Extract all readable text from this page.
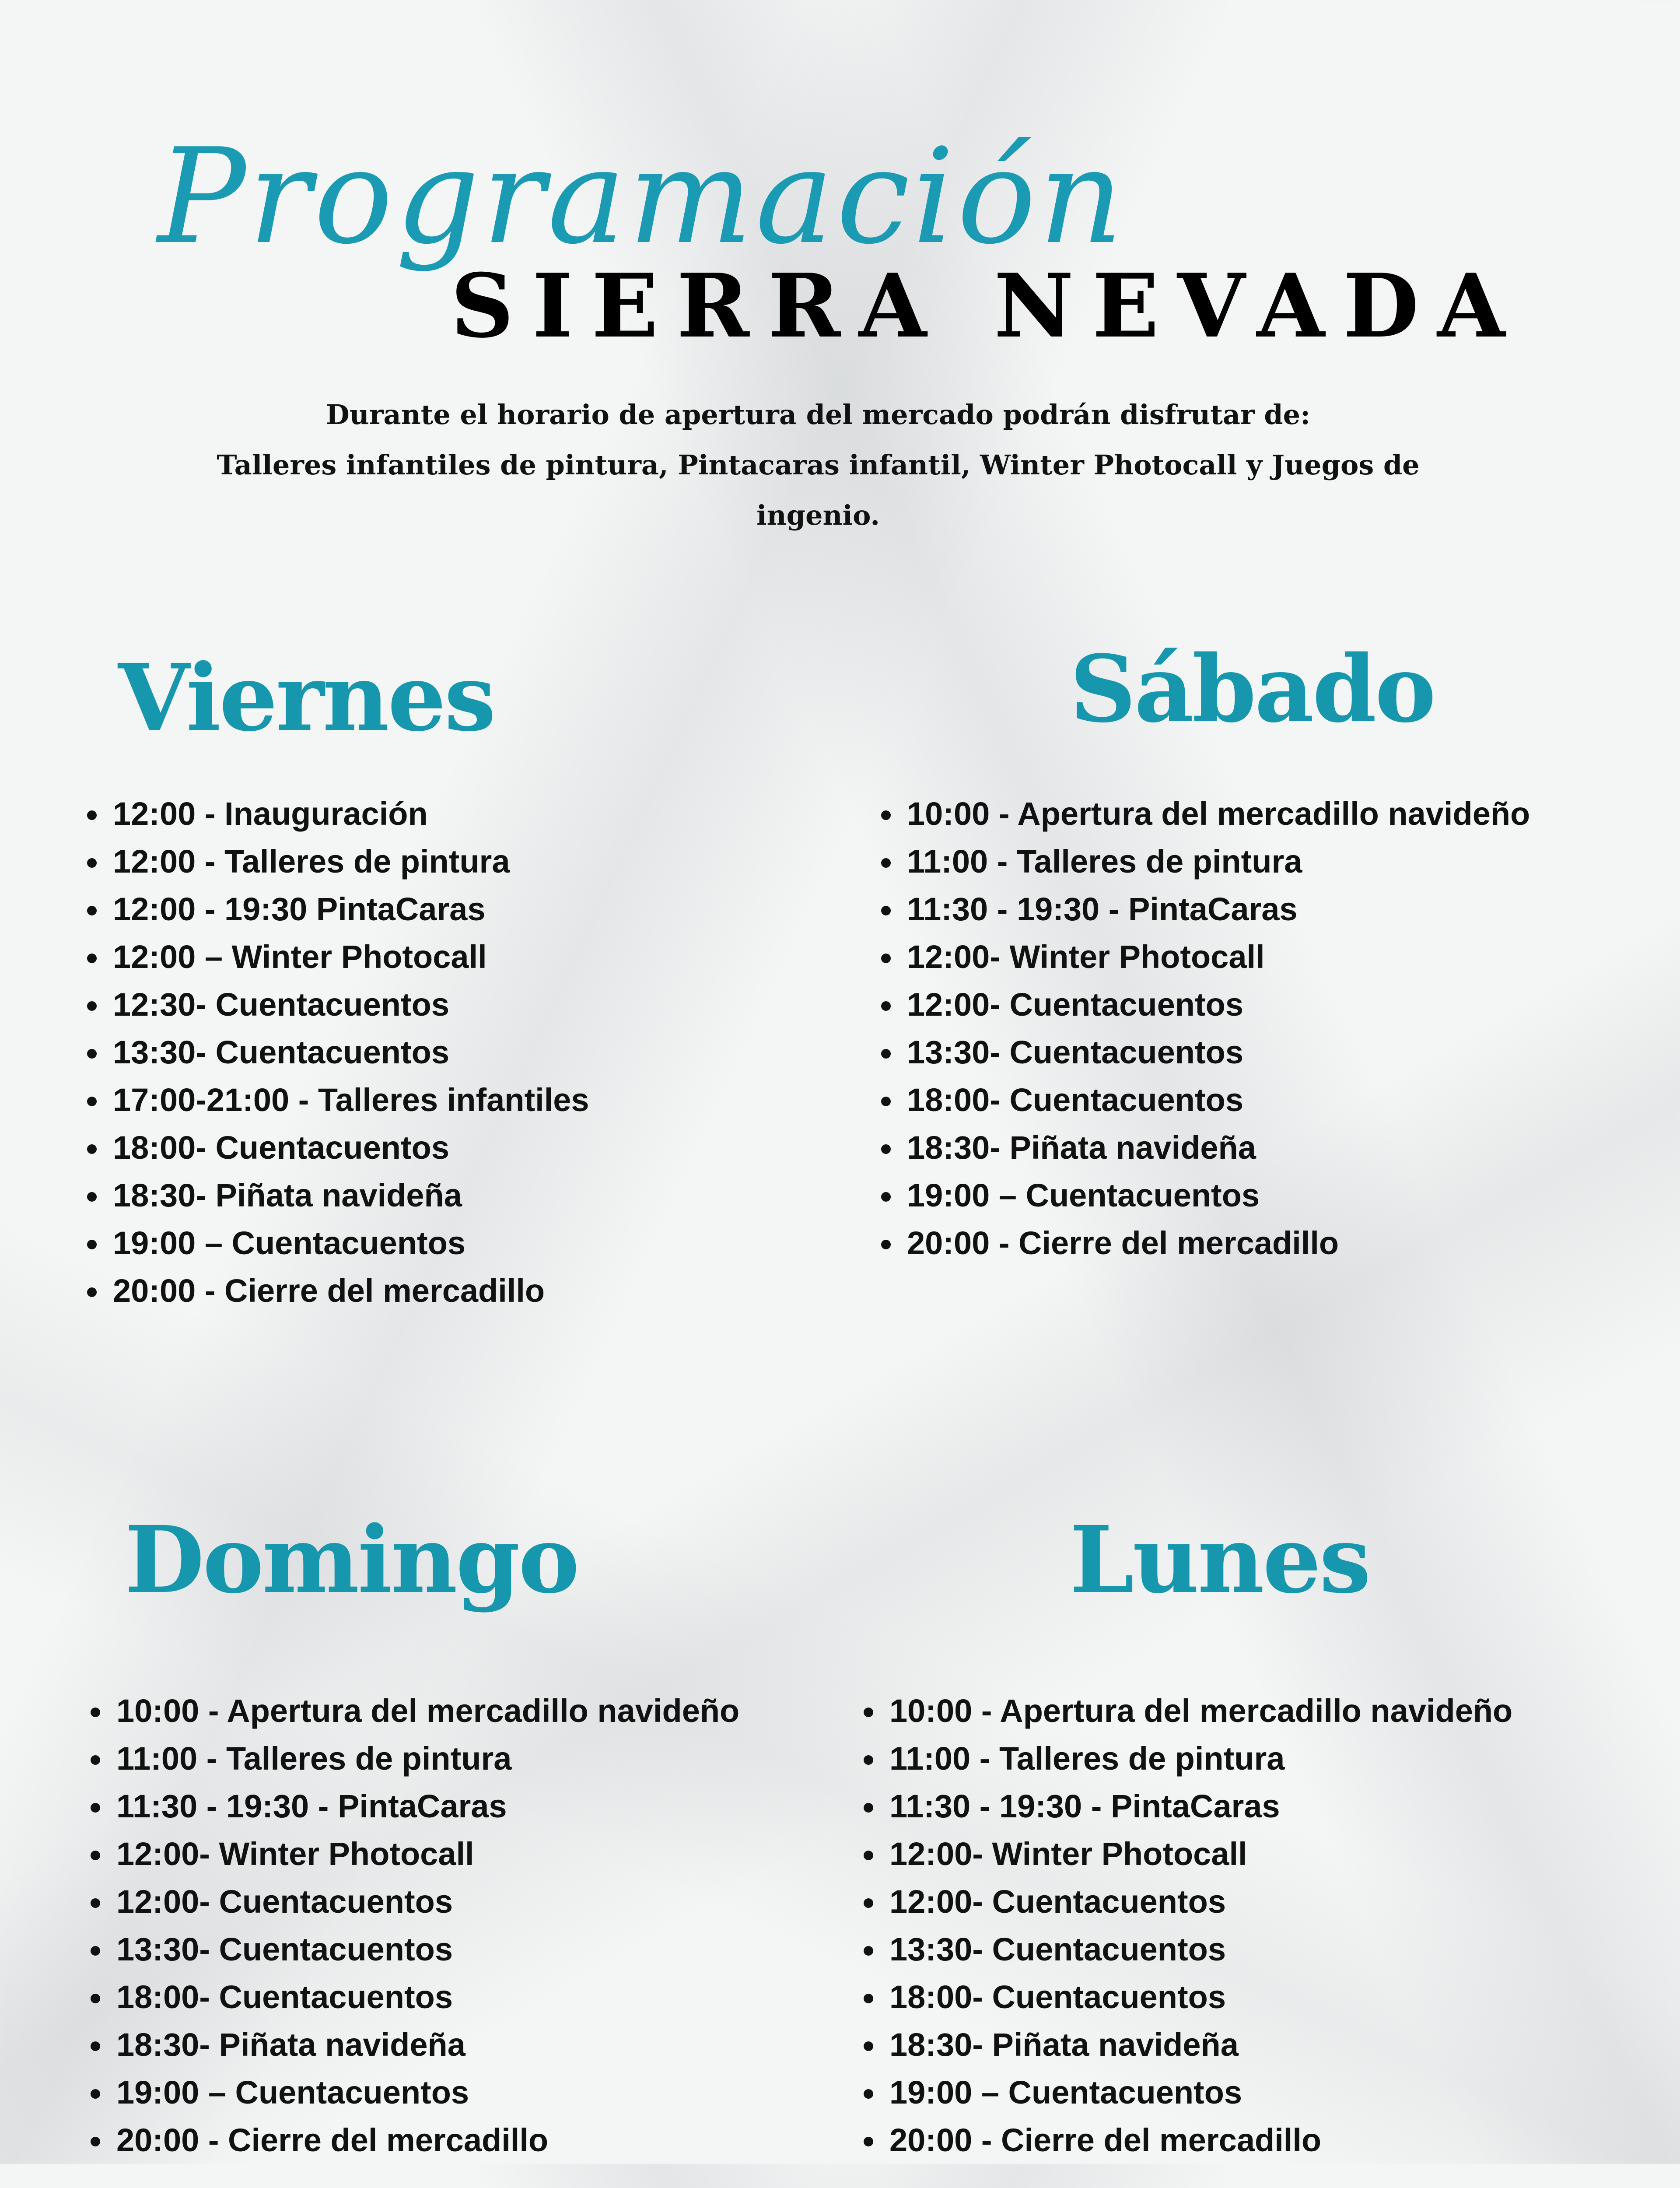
Programación
SIERRA NEVADA
Durante el horario de apertura del mercado podrán disfrutar de:
Talleres infantiles de pintura, Pintacaras infantil, Winter Photocall y Juegos de
ingenio.
Viernes
• 12:00 - Inauguración
• 12:00 - Talleres de pintura
• 12:00 - 19:30 PintaCaras
• 12:00 – Winter Photocall
• 12:30- Cuentacuentos
• 13:30- Cuentacuentos
• 17:00-21:00 - Talleres infantiles
• 18:00- Cuentacuentos
• 18:30- Piñata navideña
• 19:00 – Cuentacuentos
• 20:00 - Cierre del mercadillo
Sábado
• 10:00 - Apertura del mercadillo navideño
• 11:00 - Talleres de pintura
• 11:30 - 19:30 - PintaCaras
• 12:00- Winter Photocall
• 12:00- Cuentacuentos
• 13:30- Cuentacuentos
• 18:00- Cuentacuentos
• 18:30- Piñata navideña
• 19:00 – Cuentacuentos
• 20:00 - Cierre del mercadillo
Domingo
• 10:00 - Apertura del mercadillo navideño
• 11:00 - Talleres de pintura
• 11:30 - 19:30 - PintaCaras
• 12:00- Winter Photocall
• 12:00- Cuentacuentos
• 13:30- Cuentacuentos
• 18:00- Cuentacuentos
• 18:30- Piñata navideña
• 19:00 – Cuentacuentos
• 20:00 - Cierre del mercadillo
Lunes
• 10:00 - Apertura del mercadillo navideño
• 11:00 - Talleres de pintura
• 11:30 - 19:30 - PintaCaras
• 12:00- Winter Photocall
• 12:00- Cuentacuentos
• 13:30- Cuentacuentos
• 18:00- Cuentacuentos
• 18:30- Piñata navideña
• 19:00 – Cuentacuentos
• 20:00 - Cierre del mercadillo
